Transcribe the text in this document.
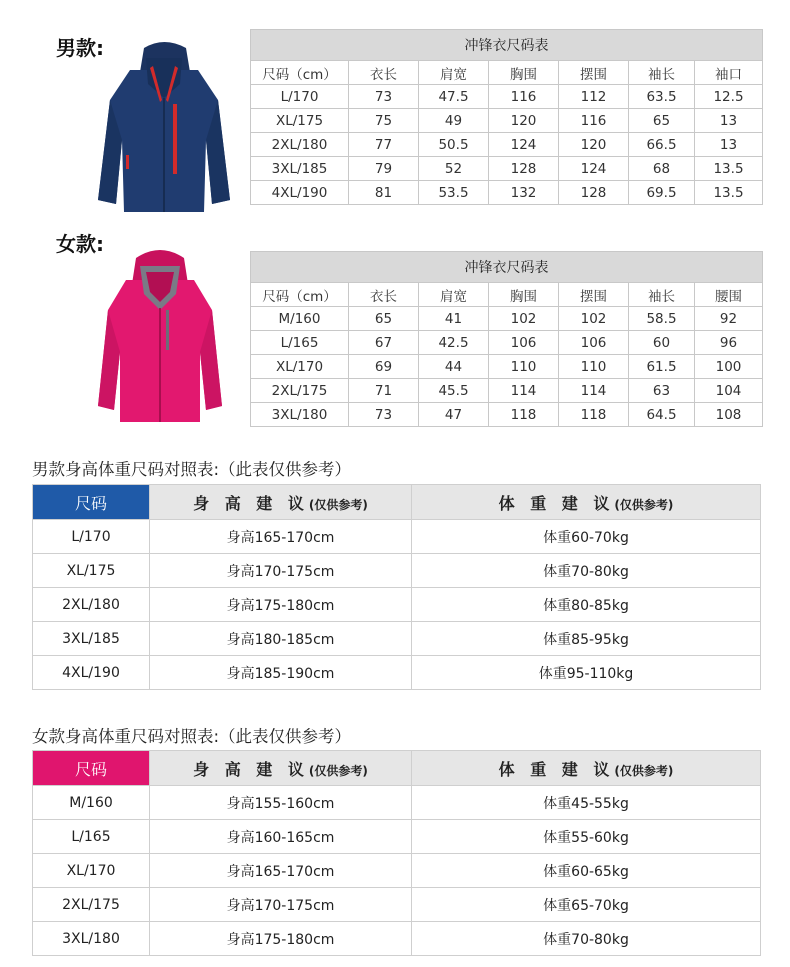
男款:	冲锋衣尺码表						
尺码（cm）	衣长	肩宽	胸围	摆围	袖长	袖口
L/170	73	47.5	116	112	63.5	12.5
XL/175	75	49	120	116	65	13
2XL/180	77	50.5	124	120	66.5	13
3XL/185	79	52	128	124	68	13.5
4XL/190	81	53.5	132	128	69.5	13.5
女款:
冲锋衣尺码表						
尺码（cm）	衣长	肩宽	胸围	摆围	袖长	腰围
M/160	65	41	102	102	58.5	92
L/165	67	42.5	106	106	60	96
XL/170	69	44	110	110	61.5	100
2XL/175	71	45.5	114	114	63	104
3XL/180	73	47	118	118	64.5	108
男款身高体重尺码对照表:（此表仅供参考）
尺码	身 高 建 议(仅供参考)	体 重 建 议(仅供参考)
L/170	身高165-170cm	体重60-70kg
XL/175	身高170-175cm	体重70-80kg
2XL/180	身高175-180cm	体重80-85kg
3XL/185	身高180-185cm	体重85-95kg
4XL/190	身高185-190cm	体重95-110kg
女款身高体重尺码对照表:（此表仅供参考）
尺码	身 高 建 议(仅供参考)	体 重 建 议(仅供参考)
M/160	身高155-160cm	体重45-55kg
L/165	身高160-165cm	体重55-60kg
XL/170	身高165-170cm	体重60-65kg
2XL/175	身高170-175cm	体重65-70kg
3XL/180	身高175-180cm	体重70-80kg
